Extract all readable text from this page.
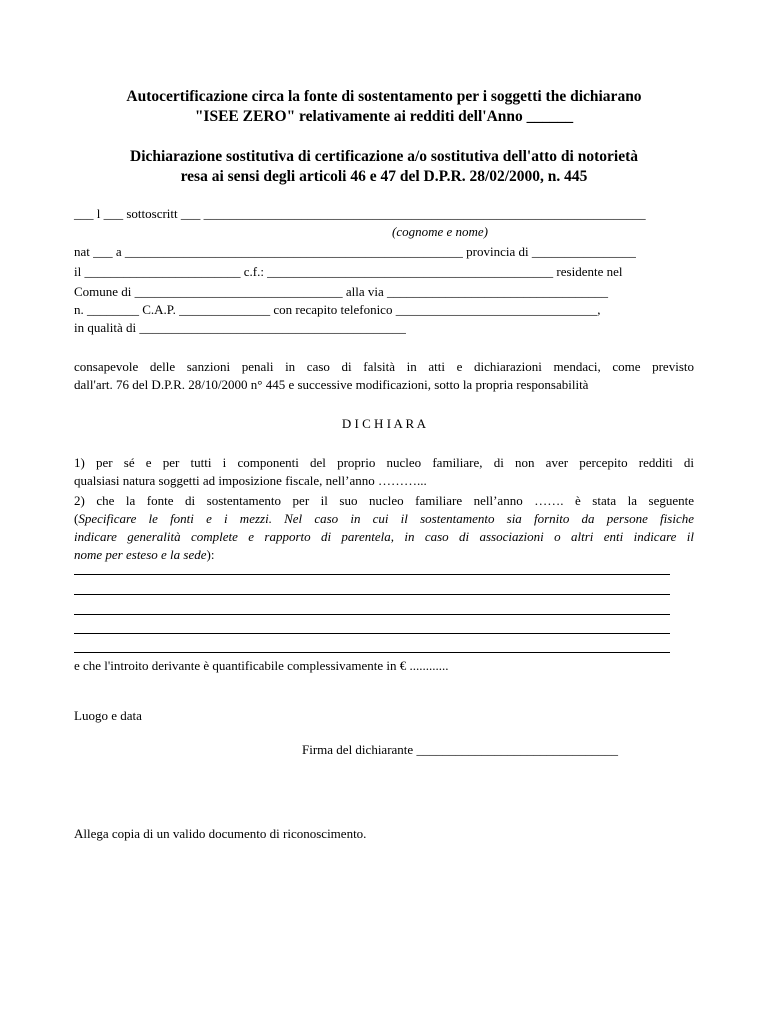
Autocertificazione circa la fonte di sostentamento per i soggetti the dichiarano
"ISEE ZERO" relativamente ai redditi dell'Anno ______
Dichiarazione sostitutiva di certificazione a/o sostitutiva dell'atto di notorietà
resa ai sensi degli articoli 46 e 47 del D.P.R. 28/02/2000, n. 445
___ l ___ sottoscritt ___ ____________________________________________________________________
(cognome e nome)
nat ___ a ____________________________________________________ provincia di ________________
il ________________________ c.f.: ____________________________________________ residente nel
Comune di ________________________________ alla via __________________________________
n. ________ C.A.P. ______________ con recapito telefonico _______________________________,
in qualità di _________________________________________
consapevole delle sanzioni penali in caso di falsità in atti e dichiarazioni mendaci, come previsto
dall'art. 76 del D.P.R. 28/10/2000 n° 445 e successive modificazioni, sotto la propria responsabilità
D I C H I A R A
1) per sé e per tutti i componenti del proprio nucleo familiare, di non aver percepito redditi di
qualsiasi natura soggetti ad imposizione fiscale, nell’anno ………...
2) che la fonte di sostentamento per il suo nucleo familiare nell’anno ……. è stata la seguente
(Specificare le fonti e i mezzi. Nel caso in cui il sostentamento sia fornito da persone fisiche
indicare generalità complete e rapporto di parentela, in caso di associazioni o altri enti indicare il
nome per esteso e la sede):
e che l'introito derivante è quantificabile complessivamente in € ............
Luogo e data
Firma del dichiarante _______________________________
Allega copia di un valido documento di riconoscimento.
